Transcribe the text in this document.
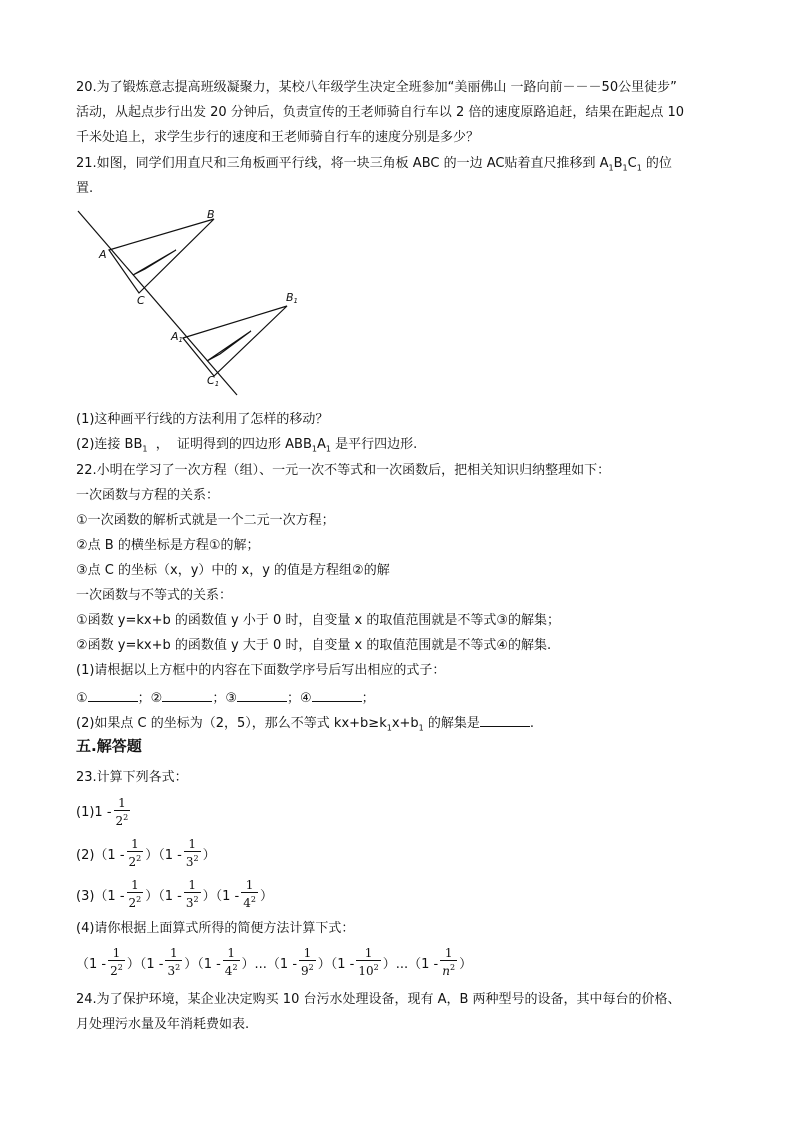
20.为了锻炼意志提高班级凝聚力，某校八年级学生决定全班参加“美丽佛山 一路向前－－－50公里徒步”
活动，从起点步行出发 20 分钟后，负责宣传的王老师骑自行车以 2 倍的速度原路追赶，结果在距起点 10
千米处追上，求学生步行的速度和王老师骑自行车的速度分别是多少？
21.如图，同学们用直尺和三角板画平行线，将一块三角板 ABC 的一边 AC贴着直尺推移到 $A_1B_1C_1$ 的位
置.
B
A
C	B1
A1
C1
(1)这种画平行线的方法利用了怎样的移动？
(2)连接 $BB_1$  ，  证明得到的四边形 $ABB_1A_1$ 是平行四边形.
22.小明在学习了一次方程（组）、一元一次不等式和一次函数后，把相关知识归纳整理如下：
一次函数与方程的关系：
①一次函数的解析式就是一个二元一次方程；
②点 B 的横坐标是方程①的解；
③点 C 的坐标（x，y）中的 x，y 的值是方程组②的解
一次函数与不等式的关系：
①函数 y=kx+b 的函数值 y 小于 0 时，自变量 x 的取值范围就是不等式③的解集；
②函数 y=kx+b 的函数值 y 大于 0 时，自变量 x 的取值范围就是不等式④的解集.
(1)请根据以上方框中的内容在下面数学序号后写出相应的式子：
①	；②	；③	；④	；
(2)如果点 C 的坐标为（2，5），那么不等式 $kx+b\ge k_1x+b_1$ 的解集是	.
五.解答题
23.计算下列各式：
$(1)1 - \frac{1}{2^2}$
$(2)(1 - \frac{1}{2^2} )(1 - \frac{1}{3^2}$ ）
$(3)(1 - \frac{1}{2^2} )(1 - \frac{1}{3^2} )(1 - \frac{1}{4^2}$ ）
(4)请你根据上面算式所得的简便方法计算下式：
$(1 - \frac{1}{2^2} )(1 - \frac{1}{3^2} )(1 - \frac{1}{4^2} )...(1 - \frac{1}{9^2} )(1 - \frac{1}{10^2} )...(1 - \frac{1}{n^2}$ ）
24.为了保护环境，某企业决定购买 10 台污水处理设备，现有 A，B 两种型号的设备，其中每台的价格、
月处理污水量及年消耗费如表.
